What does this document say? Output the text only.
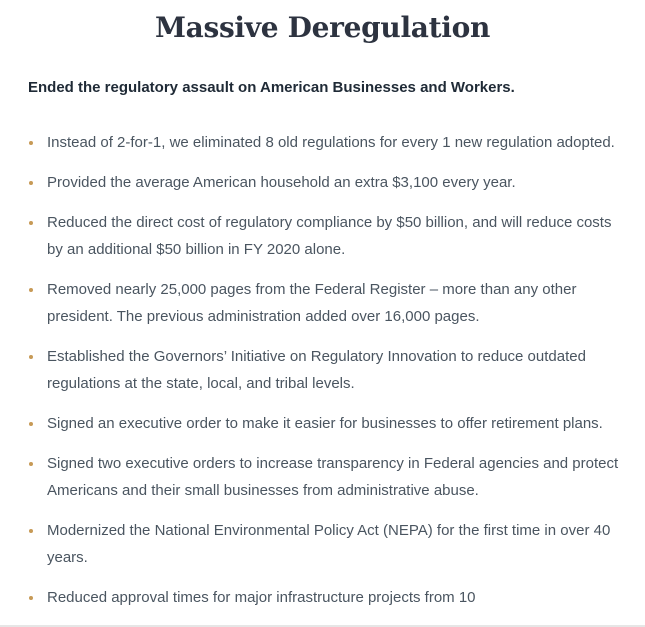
Massive Deregulation

Ended the regulatory assault on American Businesses and Workers.

Instead of 2-for-1, we eliminated 8 old regulations for every 1 new regulation adopted.
Provided the average American household an extra $3,100 every year.
Reduced the direct cost of regulatory compliance by $50 billion, and will reduce costs by an additional $50 billion in FY 2020 alone.
Removed nearly 25,000 pages from the Federal Register – more than any other president. The previous administration added over 16,000 pages.
Established the Governors’ Initiative on Regulatory Innovation to reduce outdated regulations at the state, local, and tribal levels.
Signed an executive order to make it easier for businesses to offer retirement plans.
Signed two executive orders to increase transparency in Federal agencies and protect Americans and their small businesses from administrative abuse.
Modernized the National Environmental Policy Act (NEPA) for the first time in over 40 years.
Reduced approval times for major infrastructure projects from 10
